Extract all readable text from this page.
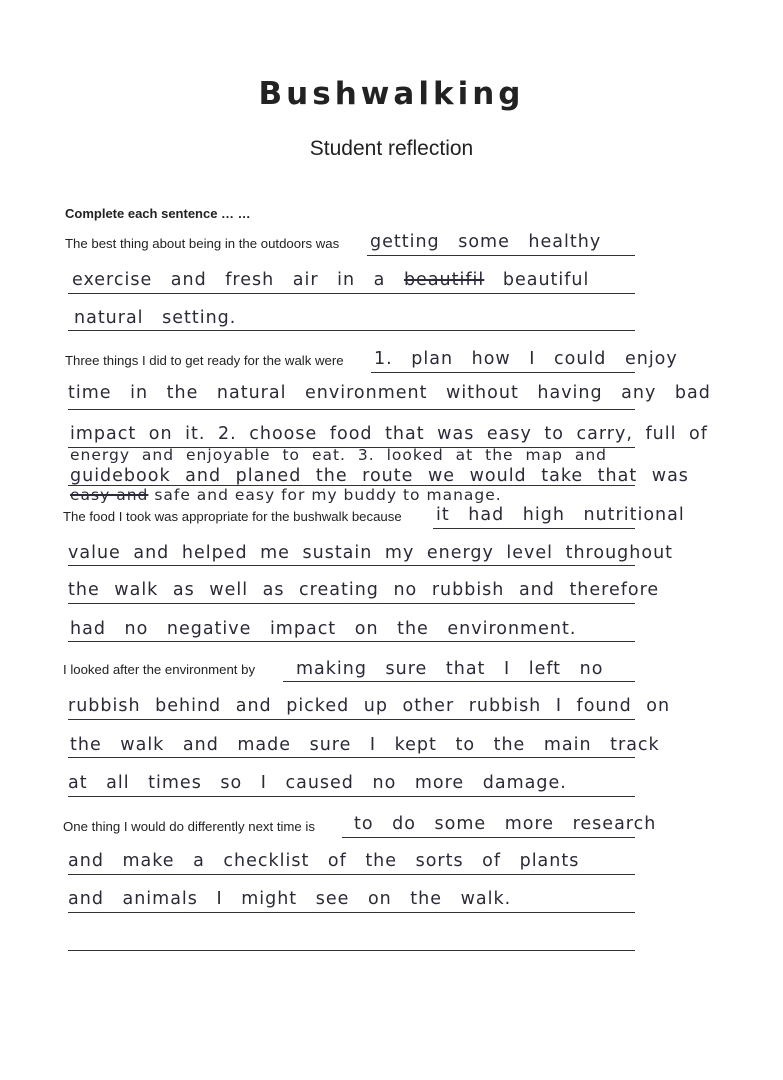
Bushwalking
Student reflection
Complete each sentence … …
The best thing about being in the outdoors was getting some healthy
exercise and fresh air in a beautifil beautiful
natural setting.
Three things I did to get ready for the walk were 1. plan how I could enjoy
time in the natural environment without having any bad
impact on it. 2. choose food that was easy to carry, full of
energy and enjoyable to eat. 3. looked at the map and
guidebook and planed the route we would take that was
easy and safe and easy for my buddy to manage.
The food I took was appropriate for the bushwalk because it had high nutritional
value and helped me sustain my energy level throughout
the walk as well as creating no rubbish and therefore
had no negative impact on the environment.
I looked after the environment by making sure that I left no
rubbish behind and picked up other rubbish I found on
the walk and made sure I kept to the main track
at all times so I caused no more damage.
One thing I would do differently next time is to do some more research
and make a checklist of the sorts of plants
and animals I might see on the walk.
